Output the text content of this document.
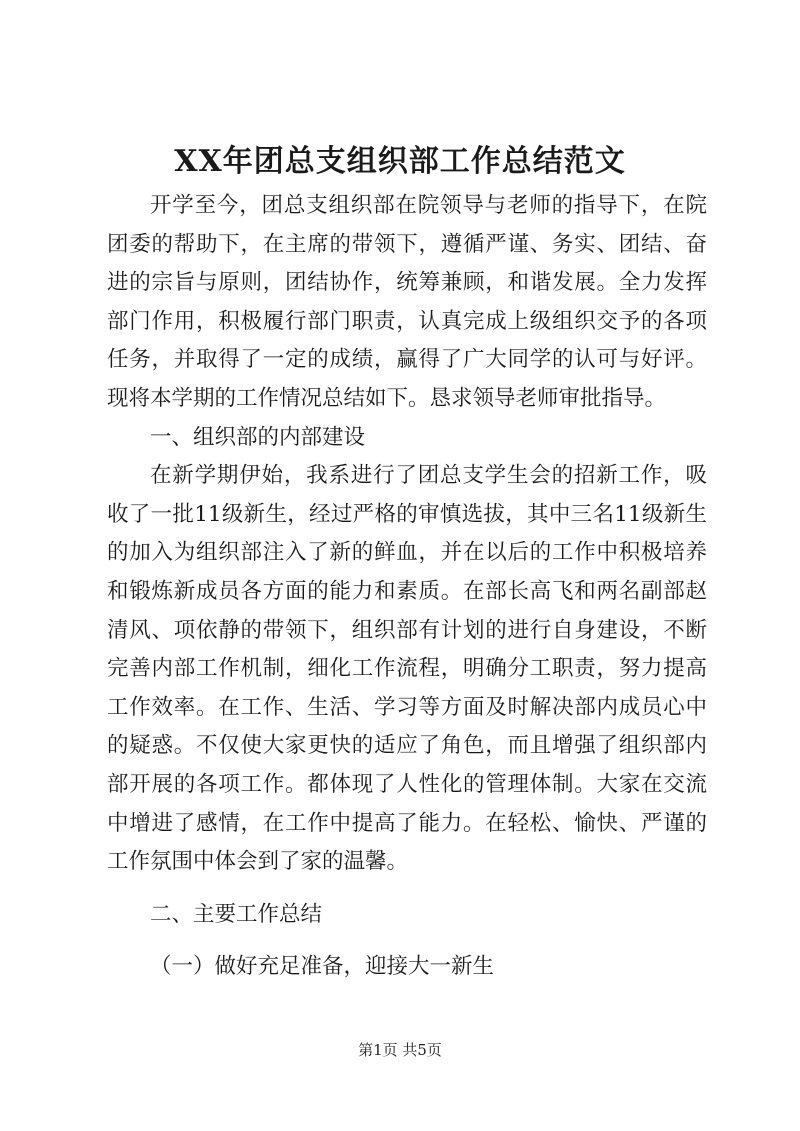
XX年团总支组织部工作总结范文

开学至今，团总支组织部在院领导与老师的指导下，在院团委的帮助下，在主席的带领下，遵循严谨、务实、团结、奋进的宗旨与原则，团结协作，统筹兼顾，和谐发展。全力发挥部门作用，积极履行部门职责，认真完成上级组织交予的各项任务，并取得了一定的成绩，赢得了广大同学的认可与好评。现将本学期的工作情况总结如下。恳求领导老师审批指导。

一、组织部的内部建设

在新学期伊始，我系进行了团总支学生会的招新工作，吸收了一批11级新生，经过严格的审慎选拔，其中三名11级新生的加入为组织部注入了新的鲜血，并在以后的工作中积极培养和锻炼新成员各方面的能力和素质。在部长高飞和两名副部赵清风、项依静的带领下，组织部有计划的进行自身建设，不断完善内部工作机制，细化工作流程，明确分工职责，努力提高工作效率。在工作、生活、学习等方面及时解决部内成员心中的疑惑。不仅使大家更快的适应了角色，而且增强了组织部内部开展的各项工作。都体现了人性化的管理体制。大家在交流中增进了感情，在工作中提高了能力。在轻松、愉快、严谨的工作氛围中体会到了家的温馨。

二、主要工作总结

（一）做好充足准备，迎接大一新生

第1页 共5页
